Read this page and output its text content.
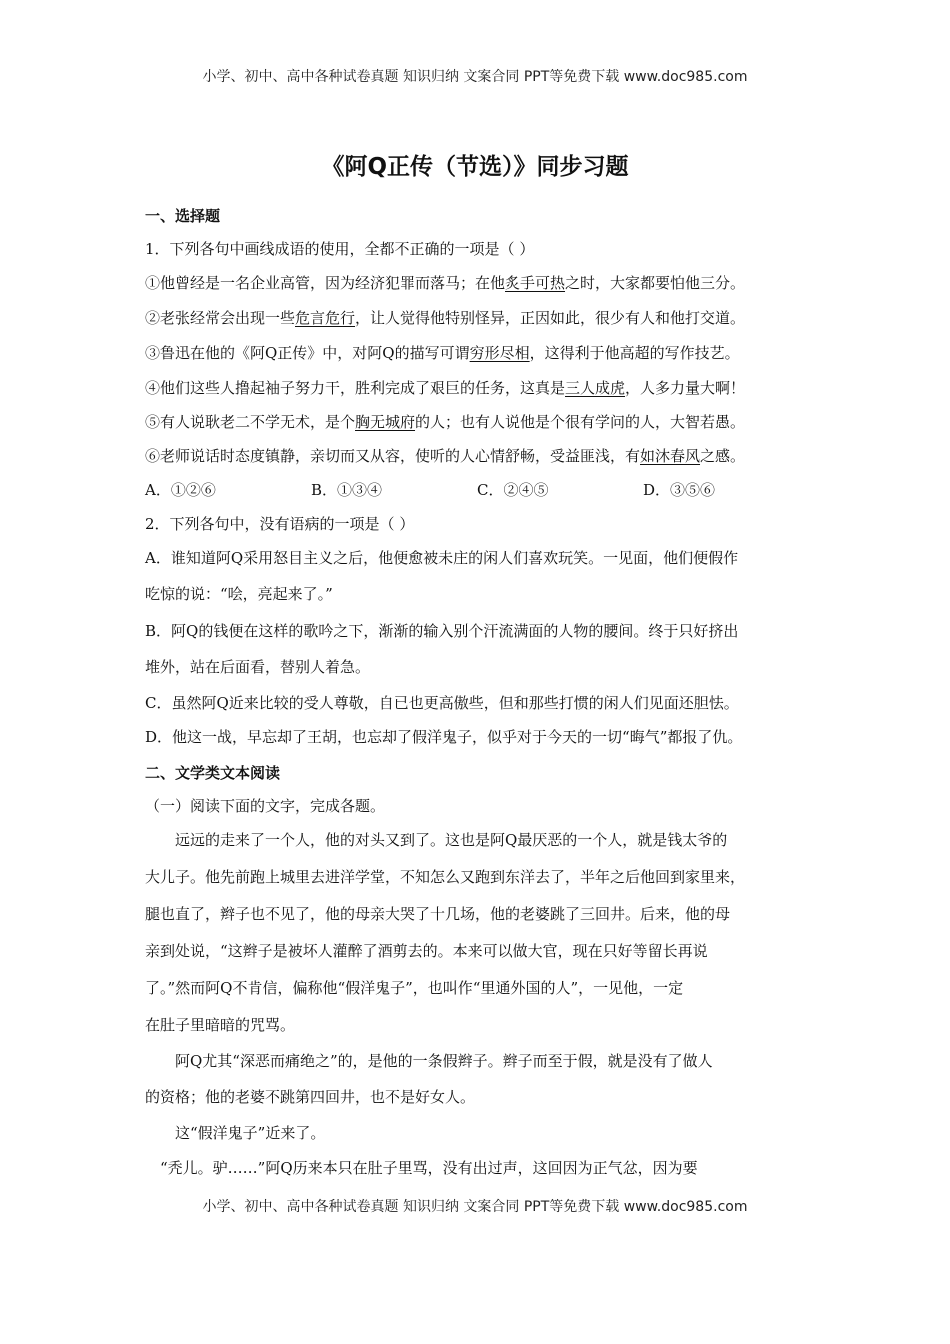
小学、初中、高中各种试卷真题 知识归纳 文案合同 PPT等免费下载 www.doc985.com
《阿Q正传（节选）》同步习题
一、选择题
1．下列各句中画线成语的使用，全都不正确的一项是（ ）
①他曾经是一名企业高管，因为经济犯罪而落马；在他炙手可热之时，大家都要怕他三分。
②老张经常会出现一些危言危行，让人觉得他特别怪异，正因如此，很少有人和他打交道。
③鲁迅在他的《阿Q正传》中，对阿Q的描写可谓穷形尽相，这得利于他高超的写作技艺。
④他们这些人撸起袖子努力干，胜利完成了艰巨的任务，这真是三人成虎，人多力量大啊！
⑤有人说耿老二不学无术，是个胸无城府的人；也有人说他是个很有学问的人，大智若愚。
⑥老师说话时态度镇静，亲切而又从容，使听的人心情舒畅，受益匪浅，有如沐春风之感。
A．①②⑥	B．①③④	C．②④⑤	D．③⑤⑥
2．下列各句中，没有语病的一项是（ ）
A．谁知道阿Q采用怒目主义之后，他便愈被未庄的闲人们喜欢玩笑。一见面，他们便假作
吃惊的说：“哙，亮起来了。”
B．阿Q的钱便在这样的歌吟之下，渐渐的输入别个汗流满面的人物的腰间。终于只好挤出
堆外，站在后面看，替别人着急。
C．虽然阿Q近来比较的受人尊敬，自已也更高傲些，但和那些打惯的闲人们见面还胆怯。
D．他这一战，早忘却了王胡，也忘却了假洋鬼子，似乎对于今天的一切“晦气”都报了仇。
二、文学类文本阅读
（一）阅读下面的文字，完成各题。
　　远远的走来了一个人，他的对头又到了。这也是阿Q最厌恶的一个人，就是钱太爷的
大儿子。他先前跑上城里去进洋学堂，不知怎么又跑到东洋去了，半年之后他回到家里来，
腿也直了，辫子也不见了，他的母亲大哭了十几场，他的老婆跳了三回井。后来，他的母
亲到处说，“这辫子是被坏人灌醉了酒剪去的。本来可以做大官，现在只好等留长再说
了。”然而阿Q不肯信，偏称他“假洋鬼子”，也叫作“里通外国的人”，一见他，一定
在肚子里暗暗的咒骂。
　　阿Q尤其“深恶而痛绝之”的，是他的一条假辫子。辫子而至于假，就是没有了做人
的资格；他的老婆不跳第四回井，也不是好女人。
　　这“假洋鬼子”近来了。
　“秃儿。驴……”阿Q历来本只在肚子里骂，没有出过声，这回因为正气忿，因为要
小学、初中、高中各种试卷真题 知识归纳 文案合同 PPT等免费下载 www.doc985.com
